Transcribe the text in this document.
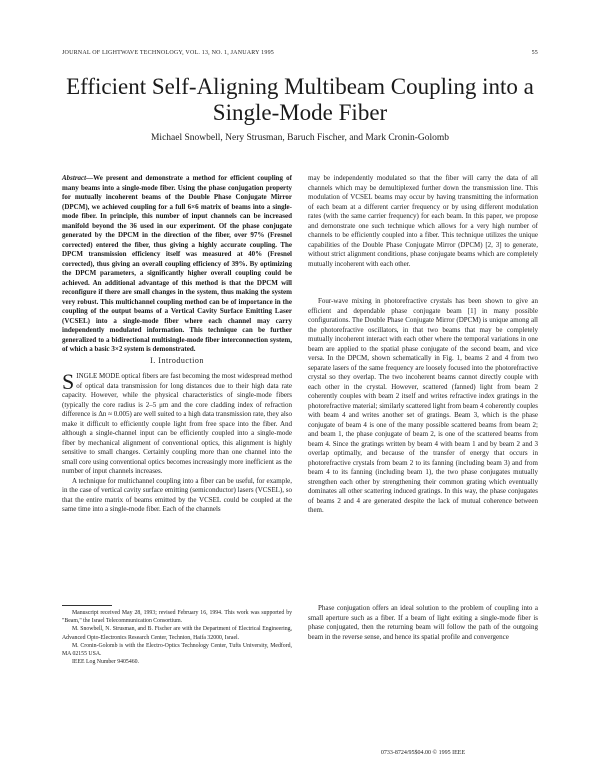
JOURNAL OF LIGHTWAVE TECHNOLOGY, VOL. 13, NO. 1, JANUARY 1995	55
Efficient Self-Aligning Multibeam Coupling into a Single-Mode Fiber
Michael Snowbell, Nery Strusman, Baruch Fischer, and Mark Cronin-Golomb

Abstract—We present and demonstrate a method for efficient coupling of many beams into a single-mode fiber. Using the phase conjugation property for mutually incoherent beams of the Double Phase Conjugate Mirror (DPCM), we achieved coupling for a full 6×6 matrix of beams into a single-mode fiber. In principle, this number of input channels can be increased manifold beyond the 36 used in our experiment. Of the phase conjugate generated by the DPCM in the direction of the fiber, over 97% (Fresnel corrected) entered the fiber, thus giving a highly accurate coupling. The DPCM transmission efficiency itself was measured at 40% (Fresnel corrected), thus giving an overall coupling efficiency of 39%. By optimizing the DPCM parameters, a significantly higher overall coupling could be achieved. An additional advantage of this method is that the DPCM will reconfigure if there are small changes in the system, thus making the system very robust. This multichannel coupling method can be of importance in the coupling of the output beams of a Vertical Cavity Surface Emitting Laser (VCSEL) into a single-mode fiber where each channel may carry independently modulated information. This technique can be further generalized to a bidirectional multisingle-mode fiber interconnection system, of which a basic 3×2 system is demonstrated.

I. Introduction

SINGLE MODE optical fibers are fast becoming the most widespread method of optical data transmission for long distances due to their high data rate capacity. However, while the physical characteristics of single-mode fibers (typically the core radius is 2–5 μm and the core cladding index of refraction difference is Δn ≈ 0.005) are well suited to a high data transmission rate, they also make it difficult to efficiently couple light from free space into the fiber. And although a single-channel input can be efficiently coupled into a single-mode fiber by mechanical alignment of conventional optics, this alignment is highly sensitive to small changes. Certainly coupling more than one channel into the small core using conventional optics becomes increasingly more inefficient as the number of input channels increases.

A technique for multichannel coupling into a fiber can be useful, for example, in the case of vertical cavity surface emitting (semiconductor) lasers (VCSEL), so that the entire matrix of beams emitted by the VCSEL could be coupled at the same time into a single-mode fiber. Each of the channels

Manuscript received May 28, 1993; revised February 16, 1994. This work was supported by "Beam," the Israel Telecommunication Consortium.

M. Snowbell, N. Strusman, and B. Fischer are with the Department of Electrical Engineering, Advanced Opto-Electronics Research Center, Technion, Haifa 32000, Israel.

M. Cronin-Golomb is with the Electro-Optics Technology Center, Tufts University, Medford, MA 02155 USA.

IEEE Log Number 9405460.

may be independently modulated so that the fiber will carry the data of all channels which may be demultiplexed further down the transmission line. This modulation of VCSEL beams may occur by having transmitting the information of each beam at a different carrier frequency or by using different modulation rates (with the same carrier frequency) for each beam. In this paper, we propose and demonstrate one such technique which allows for a very high number of channels to be efficiently coupled into a fiber. This technique utilizes the unique capabilities of the Double Phase Conjugate Mirror (DPCM) [2, 3] to generate, without strict alignment conditions, phase conjugate beams which are completely mutually incoherent with each other.
Four-wave mixing in photorefractive crystals has been shown to give an efficient and dependable phase conjugate beam [1] in many possible configurations. The Double Phase Conjugate Mirror (DPCM) is unique among all the photorefractive oscillators, in that two beams that may be completely mutually incoherent interact with each other where the temporal variations in one beam are applied to the spatial phase conjugate of the second beam, and vice versa. In the DPCM, shown schematically in Fig. 1, beams 2 and 4 from two separate lasers of the same frequency are loosely focused into the photorefractive crystal so they overlap. The two incoherent beams cannot directly couple with each other in the crystal. However, scattered (fanned) light from beam 2 coherently couples with beam 2 itself and writes refractive index gratings in the photorefractive material; similarly scattered light from beam 4 coherently couples with beam 4 and writes another set of gratings. Beam 3, which is the phase conjugate of beam 4 is one of the many possible scattered beams from beam 2; and beam 1, the phase conjugate of beam 2, is one of the scattered beams from beam 4. Since the gratings written by beam 4 with beam 1 and by beam 2 and 3 overlap optimally, and because of the transfer of energy that occurs in photorefractive crystals from beam 2 to its fanning (including beam 3) and from beam 4 to its fanning (including beam 1), the two phase conjugates mutually strengthen each other by strengthening their common grating which eventually dominates all other scattering induced gratings. In this way, the phase conjugates of beams 2 and 4 are generated despite the lack of mutual coherence between them.
Phase conjugation offers an ideal solution to the problem of coupling into a small aperture such as a fiber. If a beam of light exiting a single-mode fiber is phase conjugated, then the returning beam will follow the path of the outgoing beam in the reverse sense, and hence its spatial profile and convergence
0733-8724/95$04.00 © 1995 IEEE
